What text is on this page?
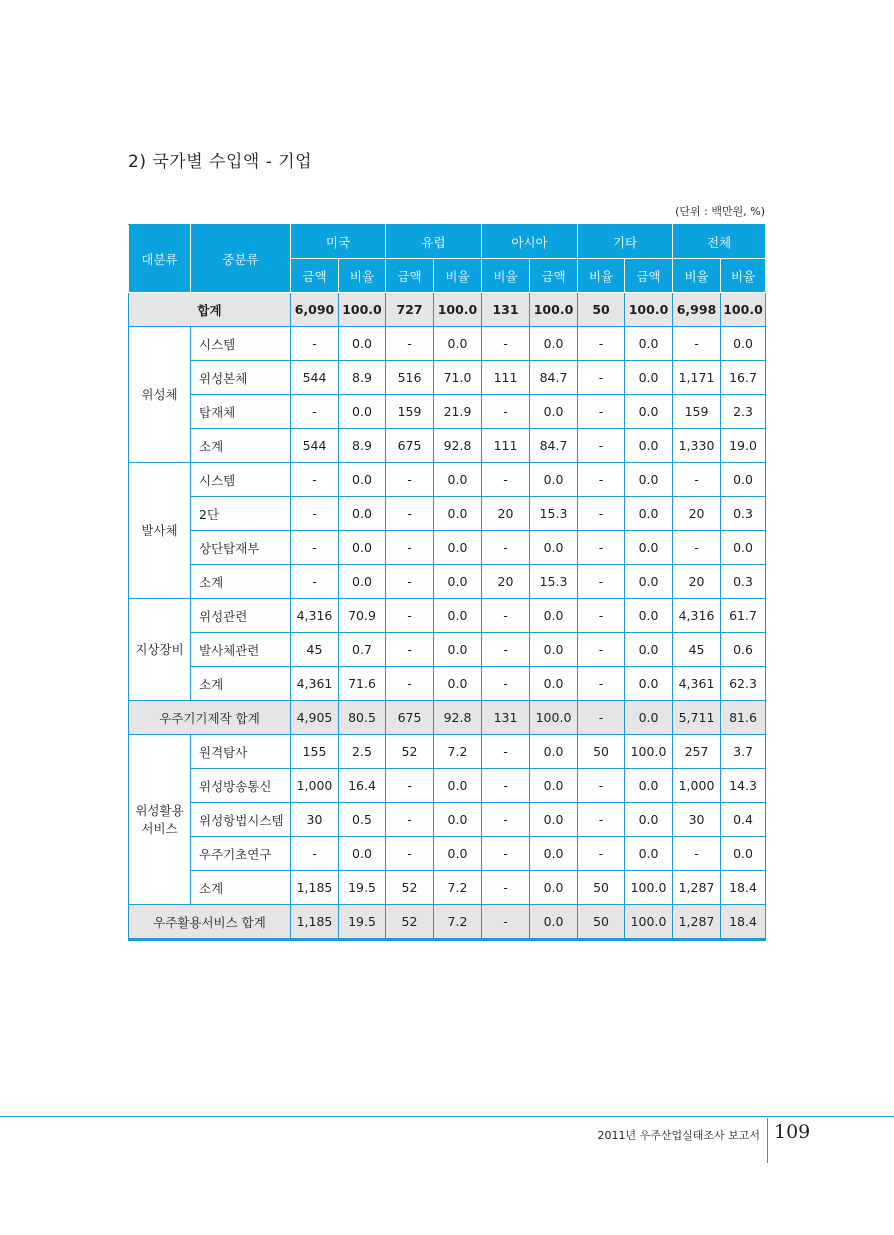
2) 국가별 수입액 - 기업
(단위 : 백만원, %)
대분류	중분류	미국		유럽		아시아		기타		전체	
		금액	비율	금액	비율	비율	금액	비율	금액	비율	비율
합계		6,090	100.0	727	100.0	131	100.0	50	100.0	6,998	100.0
위성체	시스템	-	0.0	-	0.0	-	0.0	-	0.0	-	0.0
	위성본체	544	8.9	516	71.0	111	84.7	-	0.0	1,171	16.7
	탑재체	-	0.0	159	21.9	-	0.0	-	0.0	159	2.3
	소계	544	8.9	675	92.8	111	84.7	-	0.0	1,330	19.0
발사체	시스템	-	0.0	-	0.0	-	0.0	-	0.0	-	0.0
	2단	-	0.0	-	0.0	20	15.3	-	0.0	20	0.3
	상단탑재부	-	0.0	-	0.0	-	0.0	-	0.0	-	0.0
	소계	-	0.0	-	0.0	20	15.3	-	0.0	20	0.3
지상장비	위성관련	4,316	70.9	-	0.0	-	0.0	-	0.0	4,316	61.7
	발사체관련	45	0.7	-	0.0	-	0.0	-	0.0	45	0.6
	소계	4,361	71.6	-	0.0	-	0.0	-	0.0	4,361	62.3
우주기기제작 합계		4,905	80.5	675	92.8	131	100.0	-	0.0	5,711	81.6
위성활용
서비스	원격탐사	155	2.5	52	7.2	-	0.0	50	100.0	257	3.7
	위성방송통신	1,000	16.4	-	0.0	-	0.0	-	0.0	1,000	14.3
	위성항법시스템	30	0.5	-	0.0	-	0.0	-	0.0	30	0.4
	우주기초연구	-	0.0	-	0.0	-	0.0	-	0.0	-	0.0
	소계	1,185	19.5	52	7.2	-	0.0	50	100.0	1,287	18.4
우주활용서비스 합계		1,185	19.5	52	7.2	-	0.0	50	100.0	1,287	18.4
2011년 우주산업실태조사 보고서 109
